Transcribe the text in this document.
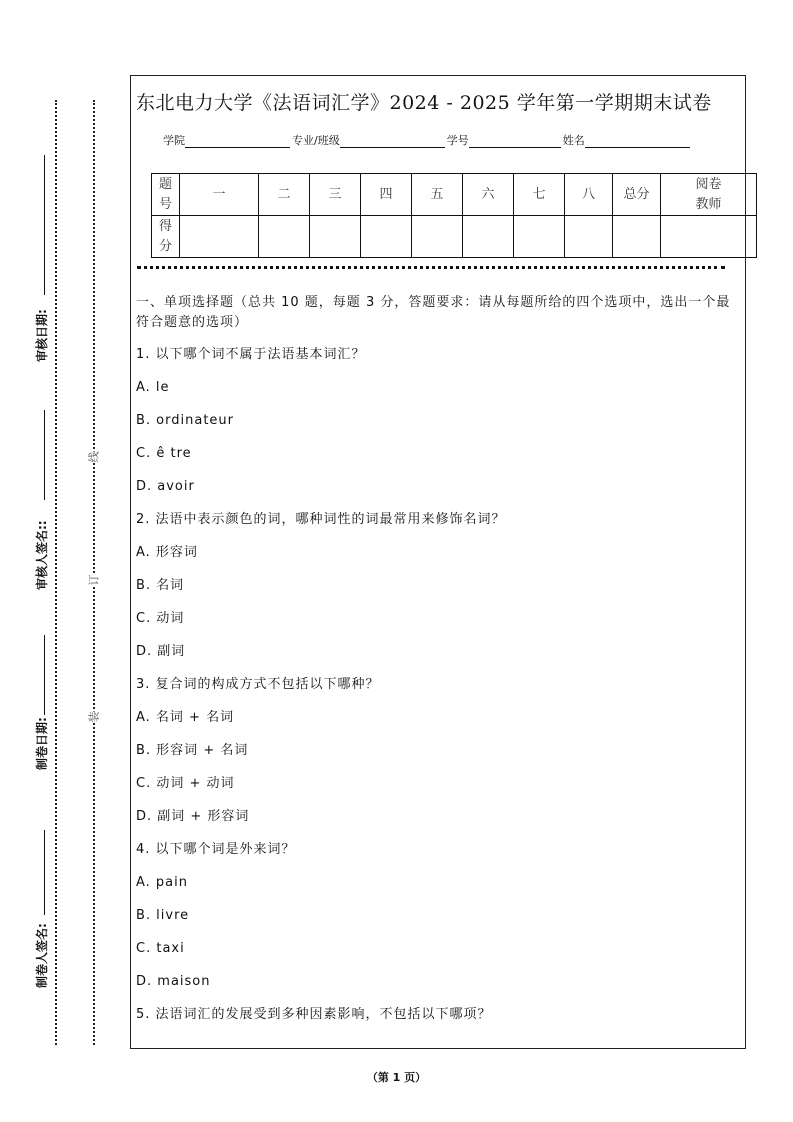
制卷人签名:
制卷日期:
审核人签名::
审核日期:
线
订
装
东北电力大学《法语词汇学》2024 - 2025 学年第一学期期末试卷
学院	专业/班级	学号	姓名
题
号	一	二	三	四	五	六	七	八	总分	阅卷
教师
得
分										
一、单项选择题（总共 10 题，每题 3 分，答题要求：请从每题所给的四个选项中，选出一个最符合题意的选项）
1. 以下哪个词不属于法语基本词汇？
A. le
B. ordinateur
C. ê tre
D. avoir
2. 法语中表示颜色的词，哪种词性的词最常用来修饰名词？
A. 形容词
B. 名词
C. 动词
D. 副词
3. 复合词的构成方式不包括以下哪种？
A. 名词 + 名词
B. 形容词 + 名词
C. 动词 + 动词
D. 副词 + 形容词
4. 以下哪个词是外来词？
A. pain
B. livre
C. taxi
D. maison
5. 法语词汇的发展受到多种因素影响，不包括以下哪项？
（第 1 页）
